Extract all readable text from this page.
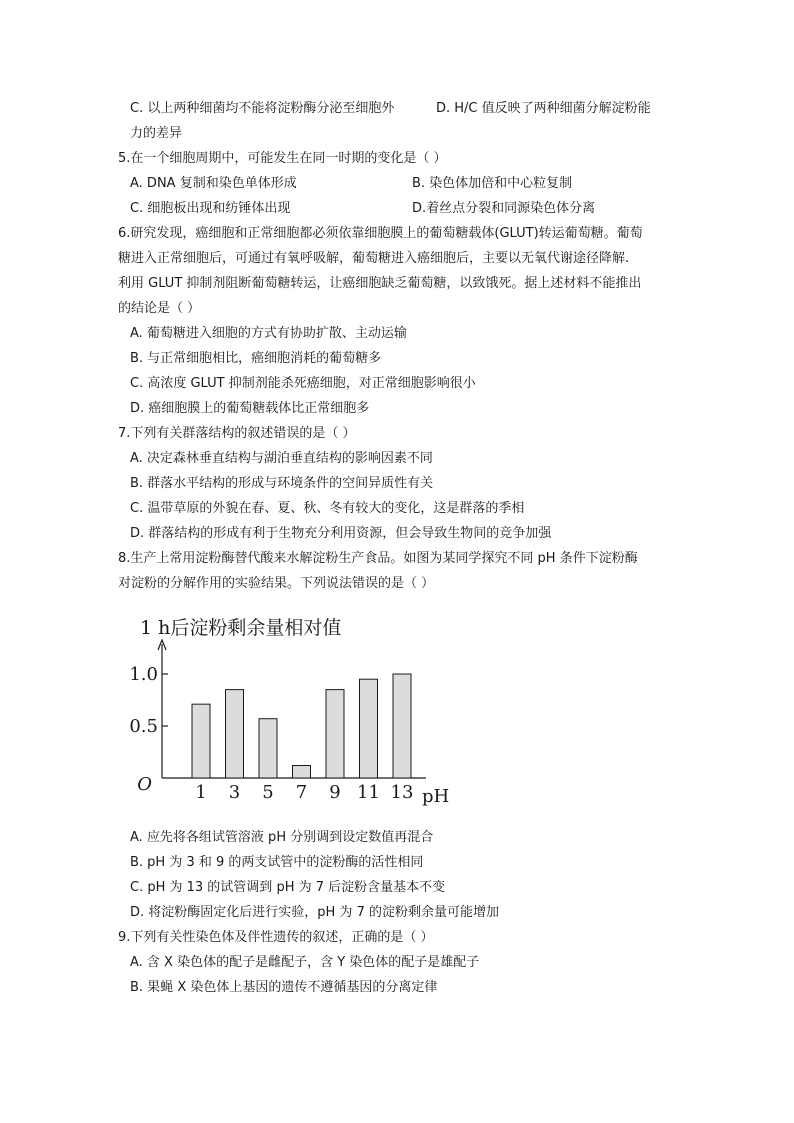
C. 以上两种细菌均不能将淀粉酶分泌至细胞外	D. H/C 值反映了两种细菌分解淀粉能
力的差异
5.在一个细胞周期中，可能发生在同一时期的变化是（ ）
A. DNA 复制和染色单体形成	B. 染色体加倍和中心粒复制
C. 细胞板出现和纺锤体出现	D.着丝点分裂和同源染色体分离
6.研究发现，癌细胞和正常细胞都必须依靠细胞膜上的葡萄糖载体(GLUT)转运葡萄糖。葡萄
糖进入正常细胞后，可通过有氧呼吸解，葡萄糖进入癌细胞后，主要以无氧代谢途径降解.
利用 GLUT 抑制剂阻断葡萄糖转运，让癌细胞缺乏葡萄糖，以致饿死。据上述材料不能推出
的结论是（ ）
A. 葡萄糖进入细胞的方式有协助扩散、主动运输
B. 与正常细胞相比，癌细胞消耗的葡萄糖多
C. 高浓度 GLUT 抑制剂能杀死癌细胞，对正常细胞影响很小
D. 癌细胞膜上的葡萄糖载体比正常细胞多
7.下列有关群落结构的叙述错误的是（ ）
A. 决定森林垂直结构与湖泊垂直结构的影响因素不同
B. 群落水平结构的形成与环境条件的空间异质性有关
C. 温带草原的外貌在春、夏、秋、冬有较大的变化，这是群落的季相
D. 群落结构的形成有利于生物充分利用资源，但会导致生物间的竞争加强
8.生产上常用淀粉酶替代酸来水解淀粉生产食品。如图为某同学探究不同 pH 条件下淀粉酶
对淀粉的分解作用的实验结果。下列说法错误的是（ ）
1 h后淀粉剩余量相对值
1.0
0.5
O 1 3 5 7 9 11 13 pH
A. 应先将各组试管溶液 pH 分别调到设定数值再混合
B. pH 为 3 和 9 的两支试管中的淀粉酶的活性相同
C. pH 为 13 的试管调到 pH 为 7 后淀粉含量基本不变
D. 将淀粉酶固定化后进行实验，pH 为 7 的淀粉剩余量可能增加
9.下列有关性染色体及伴性遗传的叙述，正确的是（ ）
A. 含 X 染色体的配子是雌配子，含 Y 染色体的配子是雄配子
B. 果蝇 X 染色体上基因的遗传不遵循基因的分离定律
